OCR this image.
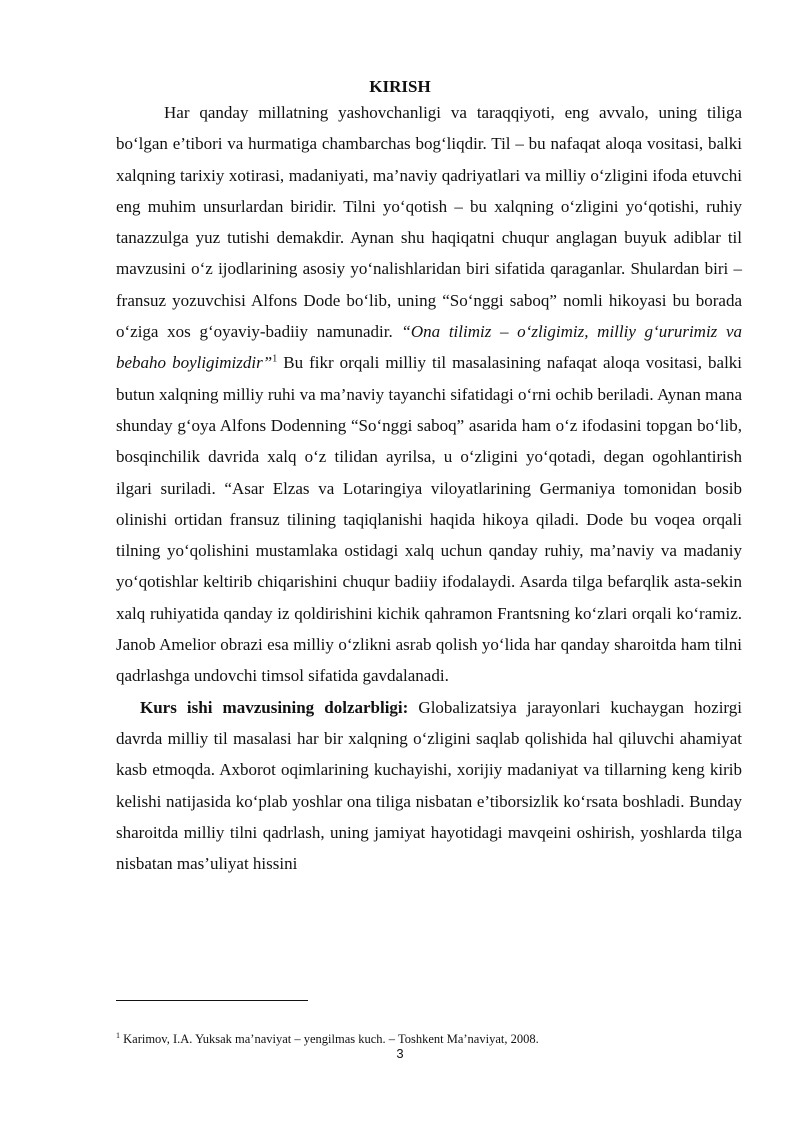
KIRISH

Har qanday millatning yashovchanligi va taraqqiyoti, eng avvalo, uning tiliga bo‘lgan e’tibori va hurmatiga chambarchas bog‘liqdir. Til – bu nafaqat aloqa vositasi, balki xalqning tarixiy xotirasi, madaniyati, ma’naviy qadriyatlari va milliy o‘zligini ifoda etuvchi eng muhim unsurlardan biridir. Tilni yo‘qotish – bu xalqning o‘zligini yo‘qotishi, ruhiy tanazzulga yuz tutishi demakdir. Aynan shu haqiqatni chuqur anglagan buyuk adiblar til mavzusini o‘z ijodlarining asosiy yo‘nalishlaridan biri sifatida qaraganlar. Shulardan biri – fransuz yozuvchisi Alfons Dode bo‘lib, uning “So‘nggi saboq” nomli hikoyasi bu borada o‘ziga xos g‘oyaviy-badiiy namunadir. “Ona tilimiz – o‘zligimiz, milliy g‘ururimiz va bebaho boyligimizdir”$^1$ Bu fikr orqali milliy til masalasining nafaqat aloqa vositasi, balki butun xalqning milliy ruhi va ma’naviy tayanchi sifatidagi o‘rni ochib beriladi. Aynan mana shunday g‘oya Alfons Dodenning “So‘nggi saboq” asarida ham o‘z ifodasini topgan bo‘lib, bosqinchilik davrida xalq o‘z tilidan ayrilsa, u o‘zligini yo‘qotadi, degan ogohlantirish ilgari suriladi. “Asar Elzas va Lotaringiya viloyatlarining Germaniya tomonidan bosib olinishi ortidan fransuz tilining taqiqlanishi haqida hikoya qiladi. Dode bu voqea orqali tilning yo‘qolishini mustamlaka ostidagi xalq uchun qanday ruhiy, ma’naviy va madaniy yo‘qotishlar keltirib chiqarishini chuqur badiiy ifodalaydi. Asarda tilga befarqlik asta-sekin xalq ruhiyatida qanday iz qoldirishini kichik qahramon Frantsning ko‘zlari orqali ko‘ramiz. Janob Amelior obrazi esa milliy o‘zlikni asrab qolish yo‘lida har qanday sharoitda ham tilni qadrlashga undovchi timsol sifatida gavdalanadi.

Kurs ishi mavzusining dolzarbligi: Globalizatsiya jarayonlari kuchaygan hozirgi davrda milliy til masalasi har bir xalqning o‘zligini saqlab qolishida hal qiluvchi ahamiyat kasb etmoqda. Axborot oqimlarining kuchayishi, xorijiy madaniyat va tillarning keng kirib kelishi natijasida ko‘plab yoshlar ona tiliga nisbatan e’tiborsizlik ko‘rsata boshladi. Bunday sharoitda milliy tilni qadrlash, uning jamiyat hayotidagi mavqeini oshirish, yoshlarda tilga nisbatan mas’uliyat hissini

$^1$ Karimov, I.A. Yuksak ma’naviyat – yengilmas kuch. – Toshkent Ma’naviyat, 2008.

3
